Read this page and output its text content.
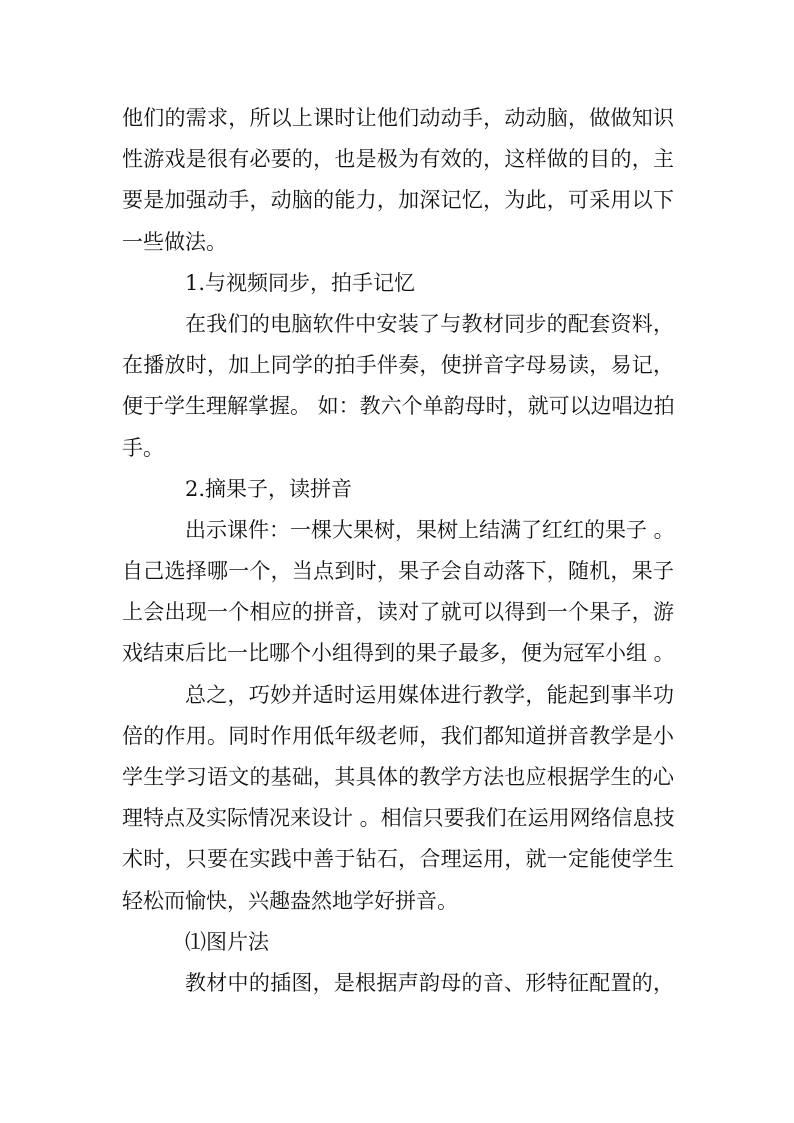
他们的需求，所以上课时让他们动动手，动动脑，做做知识
性游戏是很有必要的，也是极为有效的，这样做的目的，主
要是加强动手，动脑的能力，加深记忆，为此，可采用以下
一些做法。
1.与视频同步，拍手记忆
在我们的电脑软件中安装了与教材同步的配套资料，
在播放时，加上同学的拍手伴奏，使拼音字母易读，易记，
便于学生理解掌握。 如：教六个单韵母时，就可以边唱边拍
手。
2.摘果子，读拼音
出示课件：一棵大果树，果树上结满了红红的果子 。
自己选择哪一个，当点到时，果子会自动落下，随机，果子
上会出现一个相应的拼音，读对了就可以得到一个果子，游
戏结束后比一比哪个小组得到的果子最多，便为冠军小组 。
总之，巧妙并适时运用媒体进行教学，能起到事半功
倍的作用。同时作用低年级老师，我们都知道拼音教学是小
学生学习语文的基础，其具体的教学方法也应根据学生的心
理特点及实际情况来设计 。相信只要我们在运用网络信息技
术时，只要在实践中善于钻石，合理运用，就一定能使学生
轻松而愉快，兴趣盎然地学好拼音。
⑴图片法
教材中的插图，是根据声韵母的音、形特征配置的，
